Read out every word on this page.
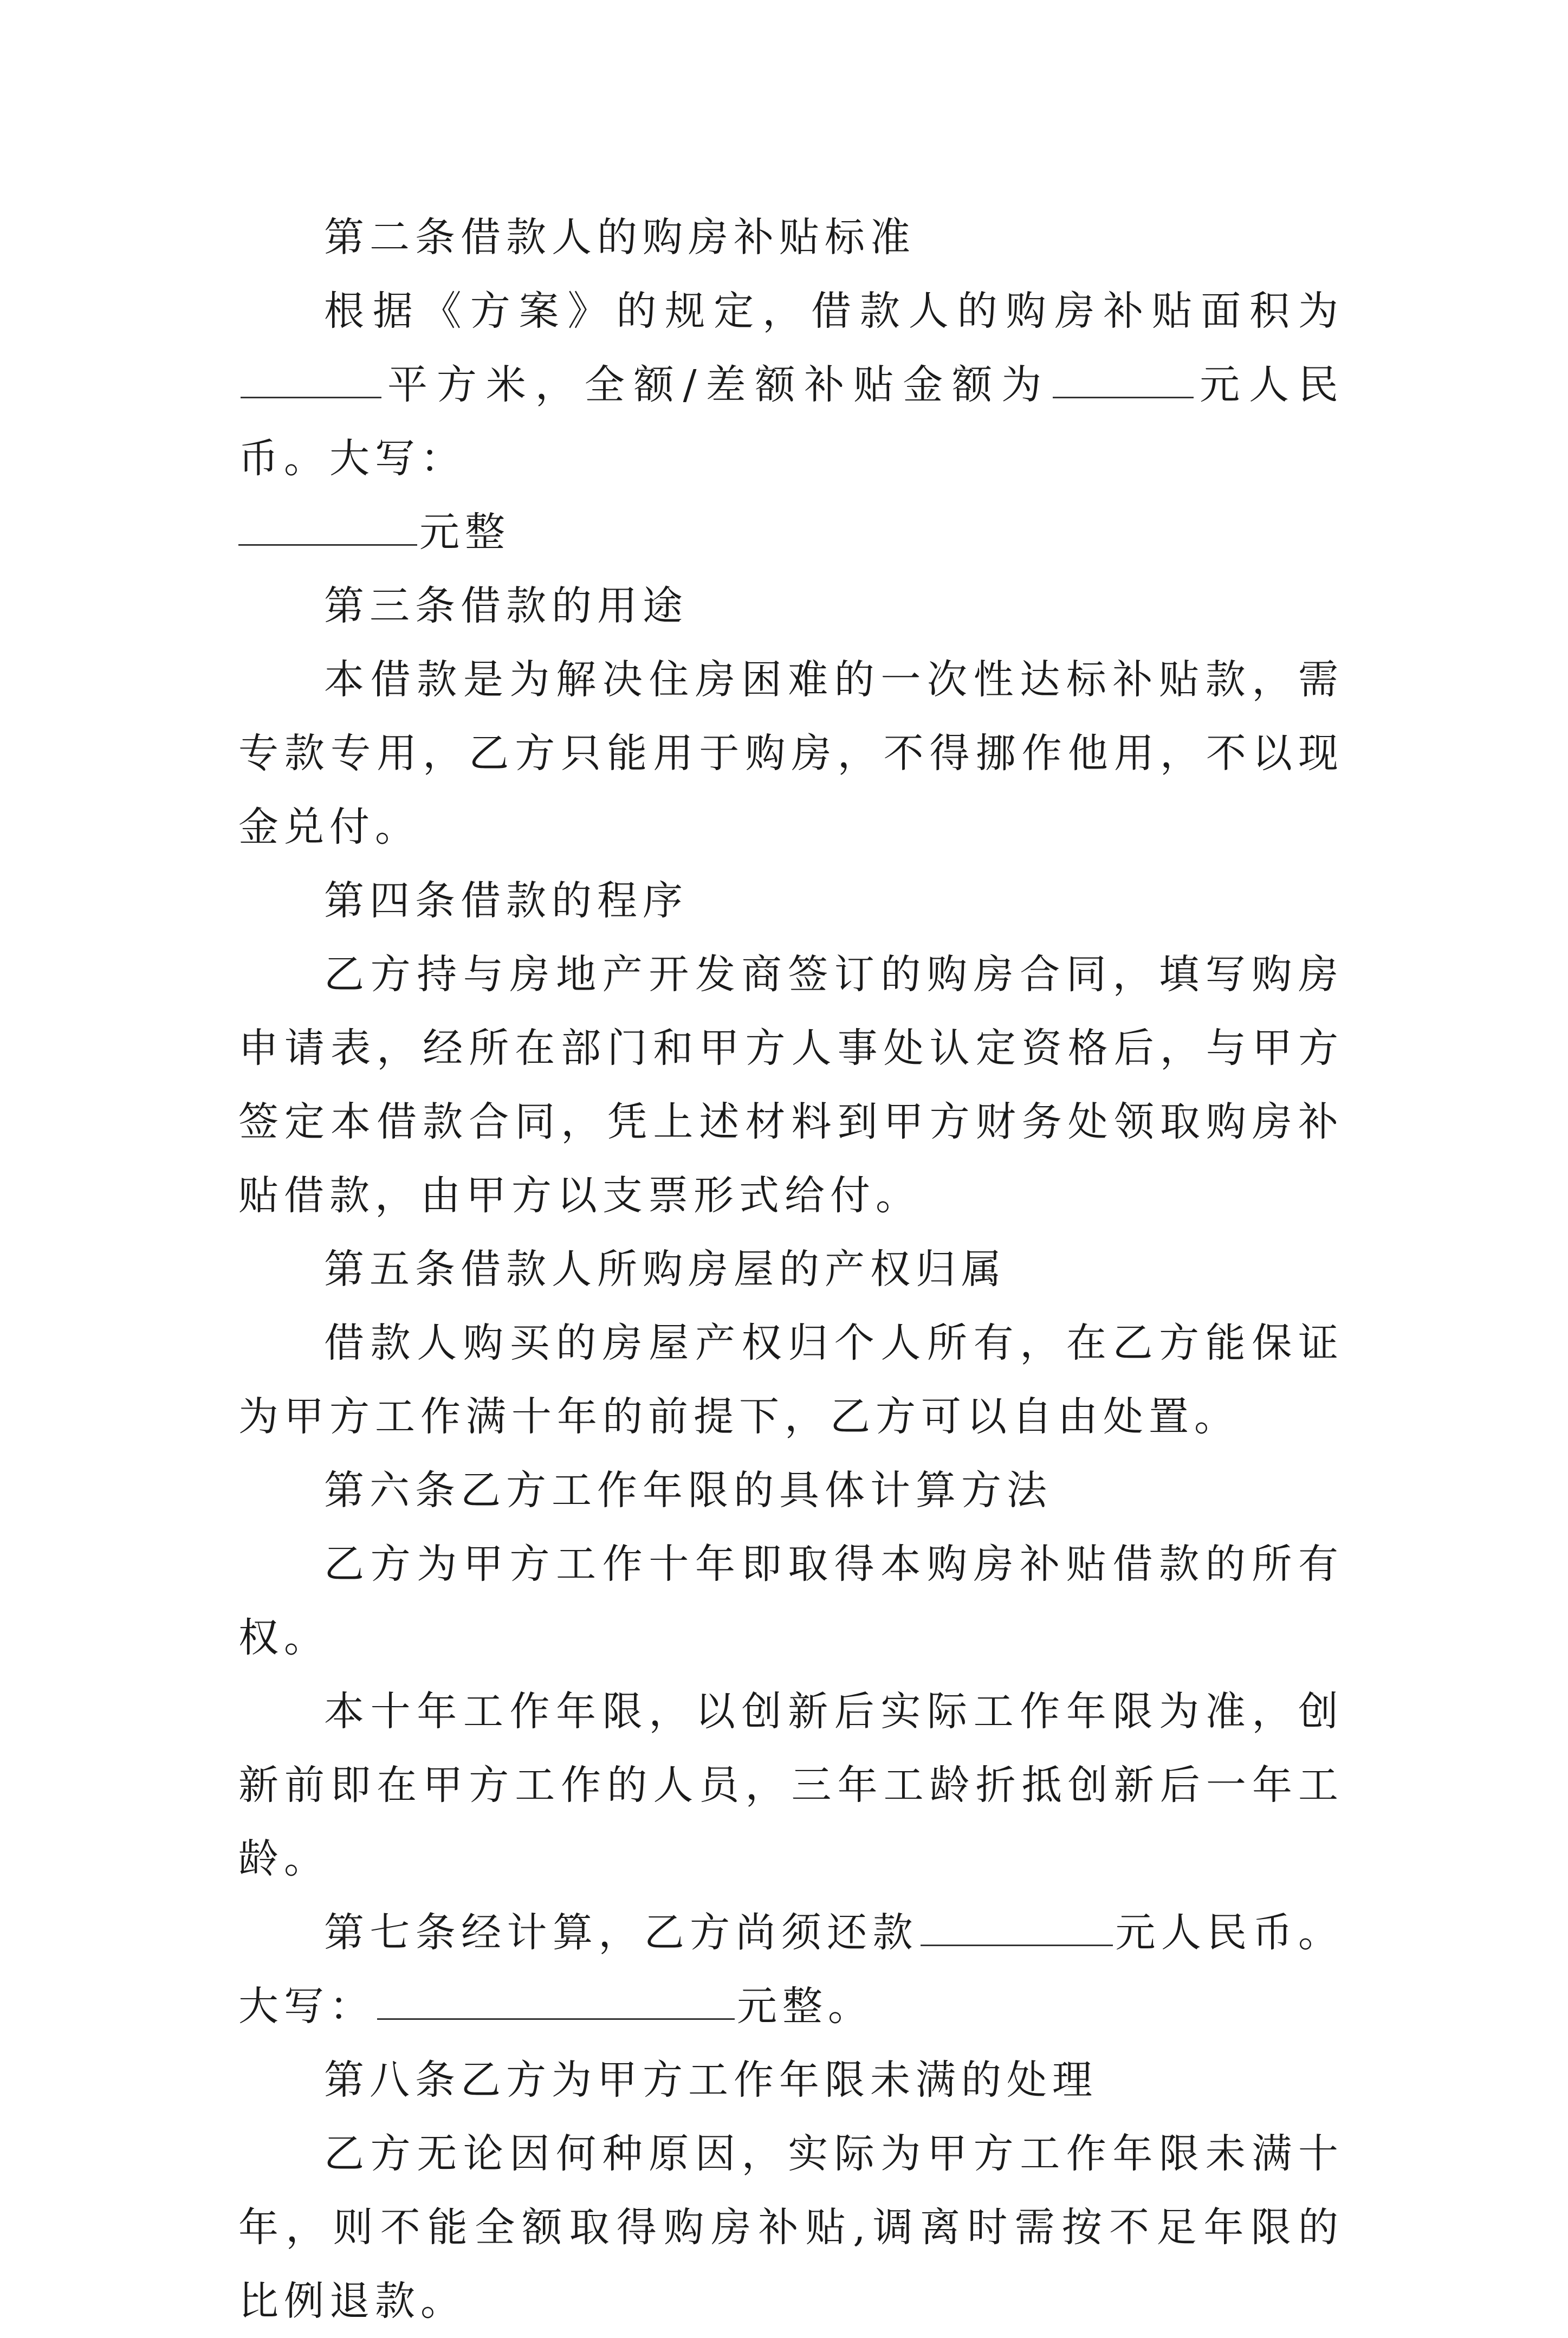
第二条借款人的购房补贴标准

根据《方案》的规定，借款人的购房补贴面积为平方米，全额/差额补贴金额为	元人民币。大写：
元整

第三条借款的用途

本借款是为解决住房困难的一次性达标补贴款，需专款专用，乙方只能用于购房，不得挪作他用，不以现金兑付。

第四条借款的程序

乙方持与房地产开发商签订的购房合同，填写购房申请表，经所在部门和甲方人事处认定资格后，与甲方签定本借款合同，凭上述材料到甲方财务处领取购房补贴借款，由甲方以支票形式给付。

第五条借款人所购房屋的产权归属

借款人购买的房屋产权归个人所有，在乙方能保证为甲方工作满十年的前提下，乙方可以自由处置。

第六条乙方工作年限的具体计算方法

乙方为甲方工作十年即取得本购房补贴借款的所有权。

本十年工作年限，以创新后实际工作年限为准，创新前即在甲方工作的人员，三年工龄折抵创新后一年工龄。

第七条经计算，乙方尚须还款	元人民币。大写：	元整。

第八条乙方为甲方工作年限未满的处理

乙方无论因何种原因，实际为甲方工作年限未满十年，则不能全额取得购房补贴,调离时需按不足年限的比例退款。
